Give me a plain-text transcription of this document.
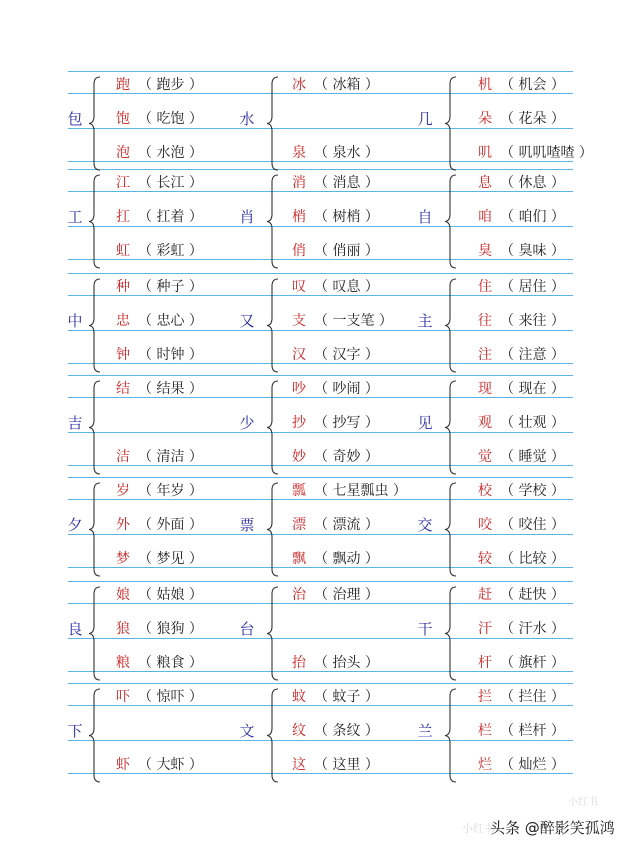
包
跑 （ 跑步 ）
饱 （ 吃饱 ）
泡 （ 水泡 ）
水
冰 （ 冰箱 ）
泉 （ 泉水 ）
几
机 （ 机会 ）
朵 （ 花朵 ）
叽 （ 叽叽喳喳 ）
工
江 （ 长江 ）
扛 （ 扛着 ）
虹 （ 彩虹 ）
肖
消 （ 消息 ）
梢 （ 树梢 ）
俏 （ 俏丽 ）
自
息 （ 休息 ）
咱 （ 咱们 ）
臭 （ 臭味 ）
中
种 （ 种子 ）
忠 （ 忠心 ）
钟 （ 时钟 ）
又
叹 （ 叹息 ）
支 （ 一支笔 ）
汉 （ 汉字 ）
主
住 （ 居住 ）
往 （ 来往 ）
注 （ 注意 ）
吉
结 （ 结果 ）
洁 （ 清洁 ）
少
吵 （ 吵闹 ）
抄 （ 抄写 ）
妙 （ 奇妙 ）
见
现 （ 现在 ）
观 （ 壮观 ）
觉 （ 睡觉 ）
夕
岁 （ 年岁 ）
外 （ 外面 ）
梦 （ 梦见 ）
票
瓢 （ 七星瓢虫 ）
漂 （ 漂流 ）
飘 （ 飘动 ）
交
校 （ 学校 ）
咬 （ 咬住 ）
较 （ 比较 ）
良
娘 （ 姑娘 ）
狼 （ 狼狗 ）
粮 （ 粮食 ）
台
治 （ 治理 ）
抬 （ 抬头 ）
干
赶 （ 赶快 ）
汗 （ 汗水 ）
杆 （ 旗杆 ）
下
吓 （ 惊吓 ）
虾 （ 大虾 ）
文
蚊 （ 蚊子 ）
纹 （ 条纹 ）
这 （ 这里 ）
兰
拦 （ 拦住 ）
栏 （ 栏杆 ）
烂 （ 灿烂 ）
小红书
小红书
头条 @醉影笑孤鸿
